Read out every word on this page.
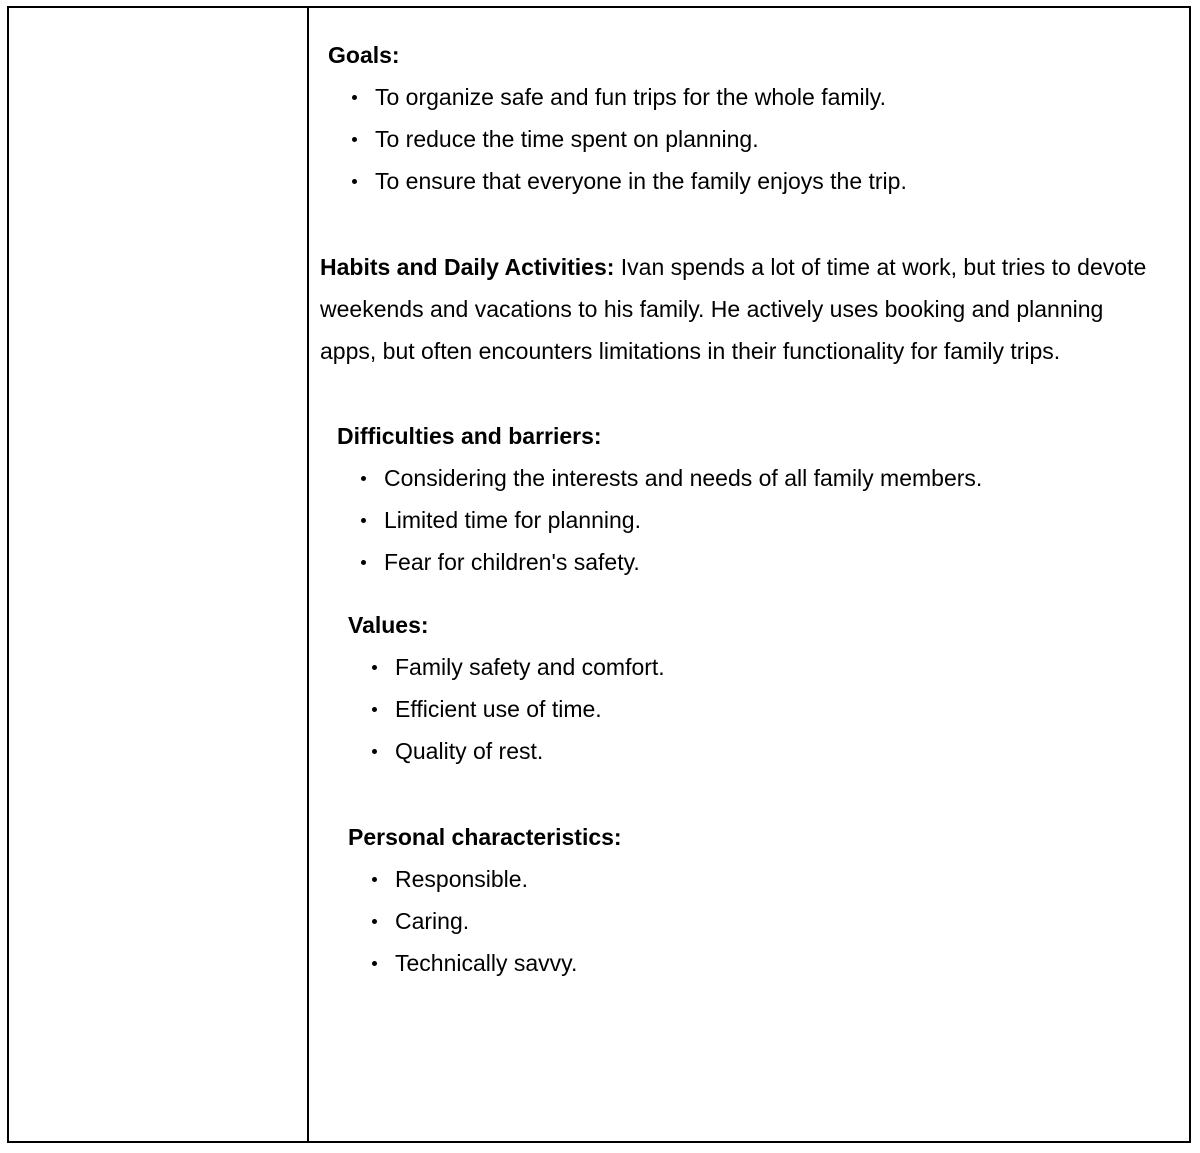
Goals:
To organize safe and fun trips for the whole family.
To reduce the time spent on planning.
To ensure that everyone in the family enjoys the trip.

Habits and Daily Activities: Ivan spends a lot of time at work, but tries to devote weekends and vacations to his family. He actively uses booking and planning apps, but often encounters limitations in their functionality for family trips.

Difficulties and barriers:
Considering the interests and needs of all family members.
Limited time for planning.
Fear for children's safety.
Values:
Family safety and comfort.
Efficient use of time.
Quality of rest.
Personal characteristics:
Responsible.
Caring.
Technically savvy.
